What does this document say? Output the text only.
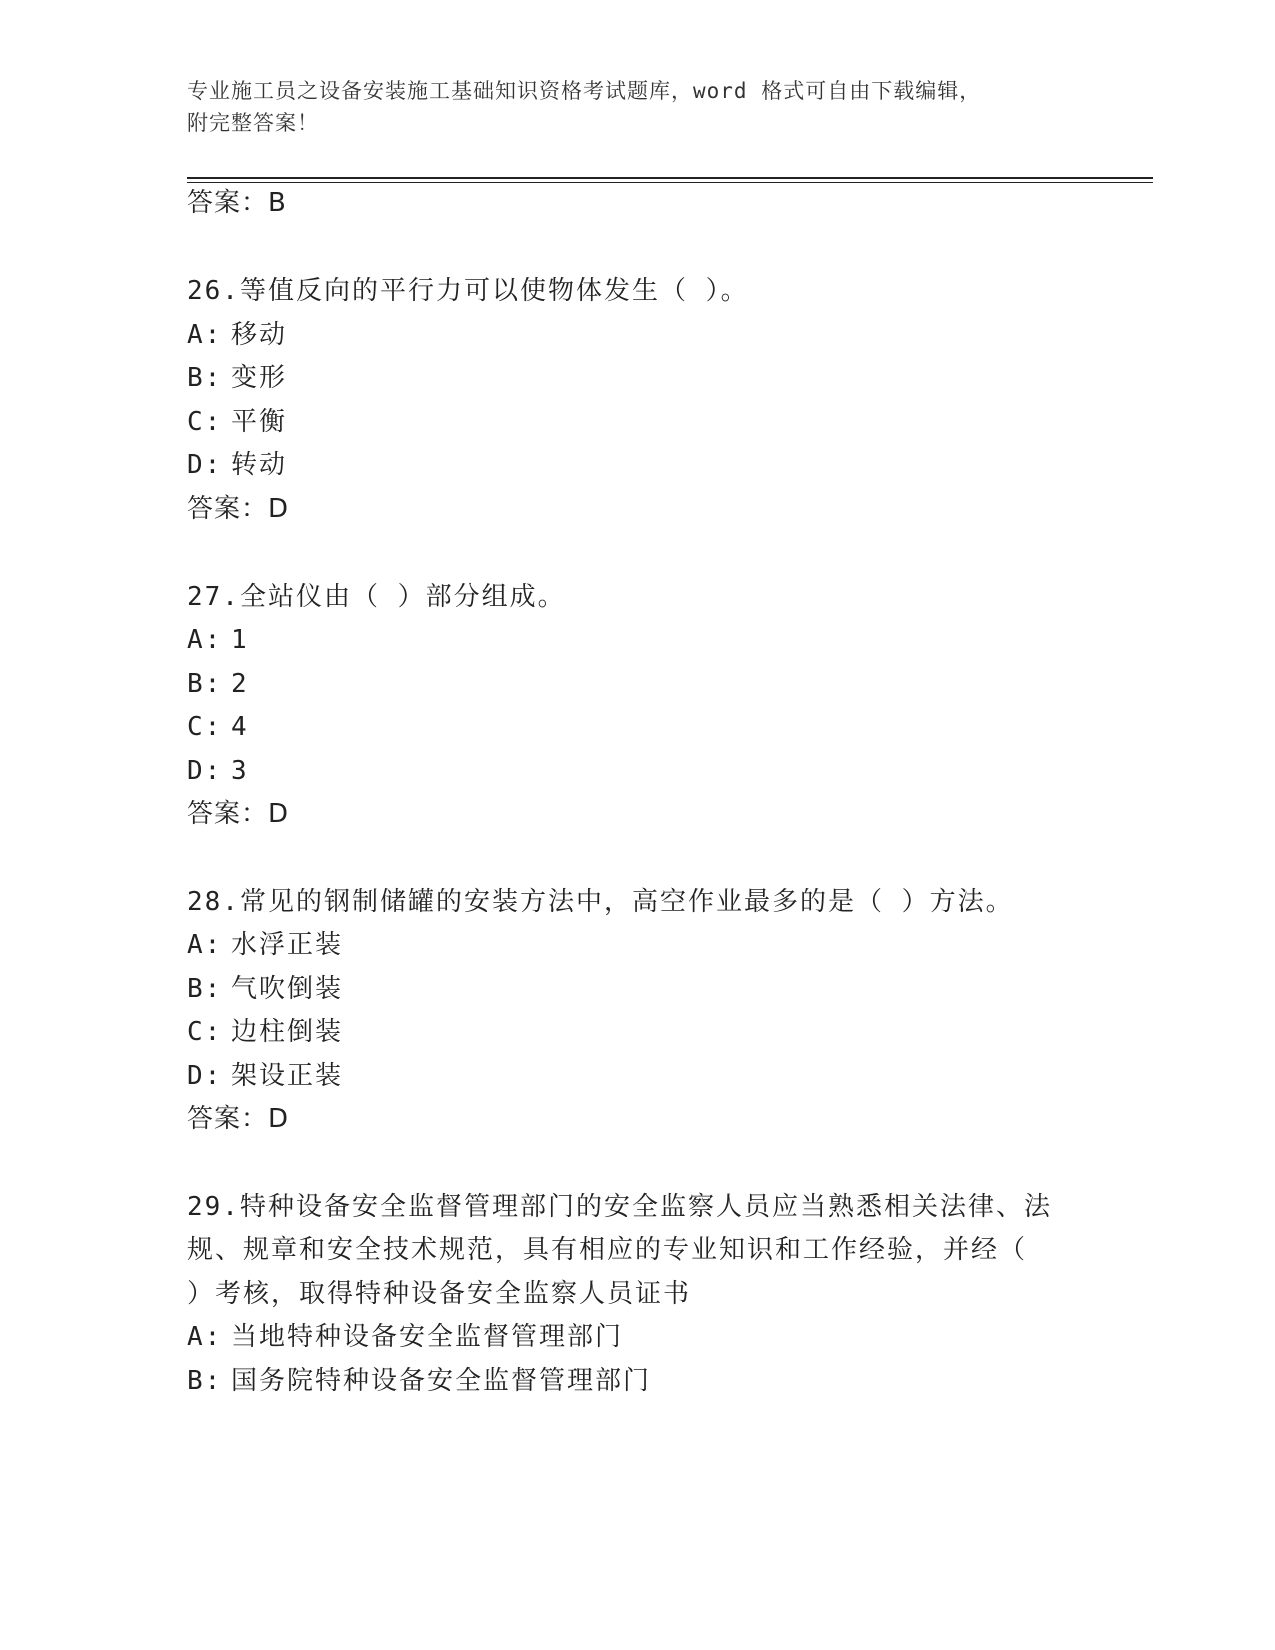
专业施工员之设备安装施工基础知识资格考试题库，word 格式可自由下载编辑，
附完整答案！
答案：B
26.等值反向的平行力可以使物体发生（ ）。
A: 移动
B: 变形
C: 平衡
D: 转动
答案：D
27.全站仪由（ ）部分组成。
A: 1
B: 2
C: 4
D: 3
答案：D
28.常见的钢制储罐的安装方法中，高空作业最多的是（ ）方法。
A: 水浮正装
B: 气吹倒装
C: 边柱倒装
D: 架设正装
答案：D
29.特种设备安全监督管理部门的安全监察人员应当熟悉相关法律、法
规、规章和安全技术规范，具有相应的专业知识和工作经验，并经（
）考核，取得特种设备安全监察人员证书
A: 当地特种设备安全监督管理部门
B: 国务院特种设备安全监督管理部门
